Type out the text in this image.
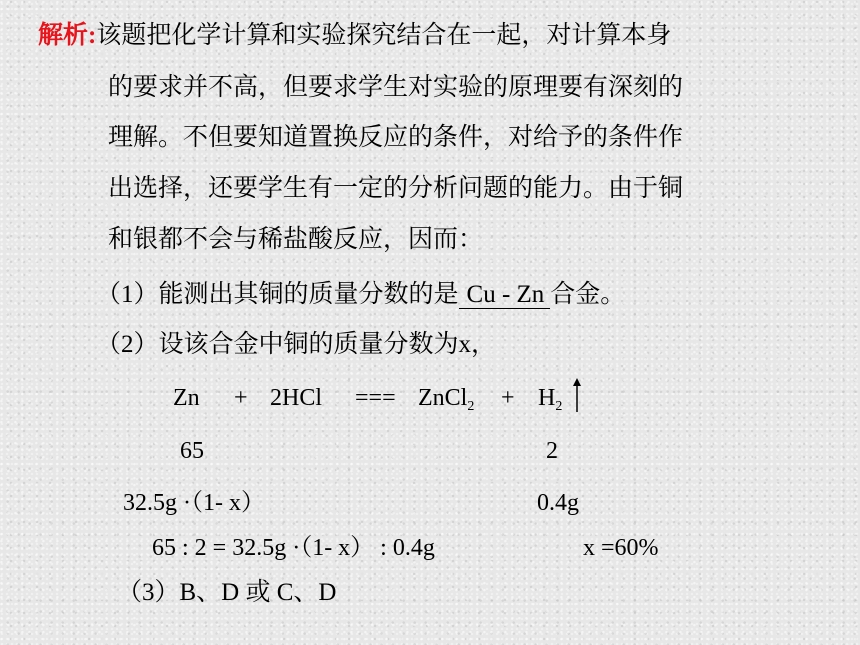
解析:该题把化学计算和实验探究结合在一起，对计算本身
的要求并不高，但要求学生对实验的原理要有深刻的
理解。不但要知道置换反应的条件，对给予的条件作
出选择，还要学生有一定的分析问题的能力。由于铜
和银都不会与稀盐酸反应，因而：
（1）能测出其铜的质量分数的是 Cu - Zn 合金。
（2）设该合金中铜的质量分数为x，
Zn + 2HCl === ZnCl$_2$ + $H_2$
65	2
32.5g ·（1- x）	0.4g
65 : 2 = 32.5g ·（1- x） : 0.4g	x =60%
（3）B、D 或 C、D
